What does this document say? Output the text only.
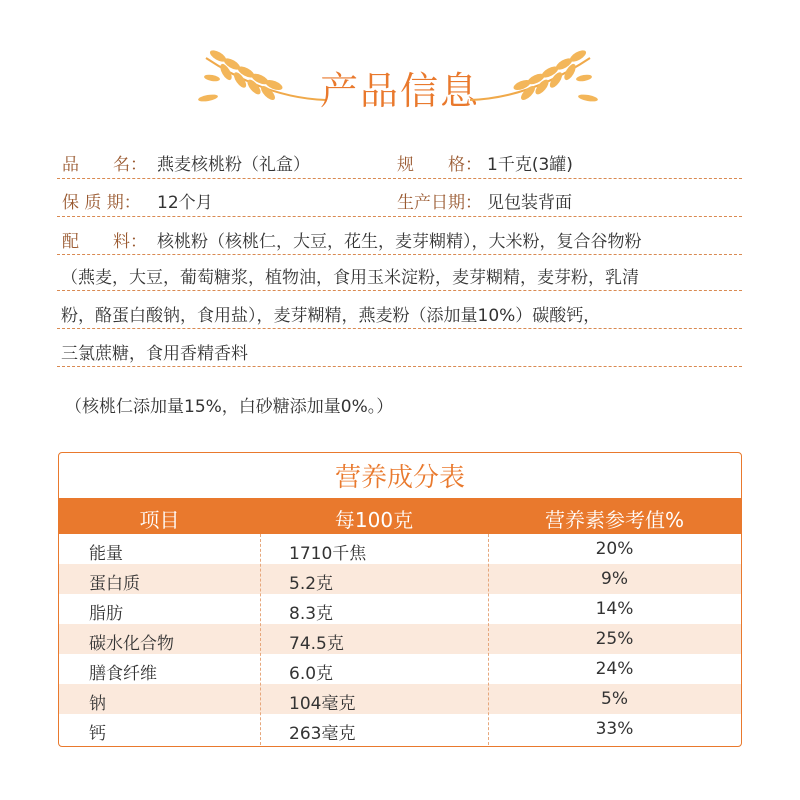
产品信息
品　　名： 燕麦核桃粉（礼盒）	规　　格： 1千克(3罐)
保 质 期： 12个月	生产日期： 见包装背面
配　　料： 核桃粉（核桃仁，大豆，花生，麦芽糊精），大米粉，复合谷物粉
（燕麦，大豆，葡萄糖浆，植物油，食用玉米淀粉，麦芽糊精，麦芽粉，乳清
粉，酪蛋白酸钠，食用盐），麦芽糊精，燕麦粉（添加量10%）碳酸钙，
三氯蔗糖，食用香精香料
（核桃仁添加量15%，白砂糖添加量0%。）
营养成分表
项目	每100克	营养素参考值%
能量	1710千焦	20%
蛋白质	5.2克	9%
脂肪	8.3克	14%
碳水化合物	74.5克	25%
膳食纤维	6.0克	24%
钠	104毫克	5%
钙	263毫克	33%
